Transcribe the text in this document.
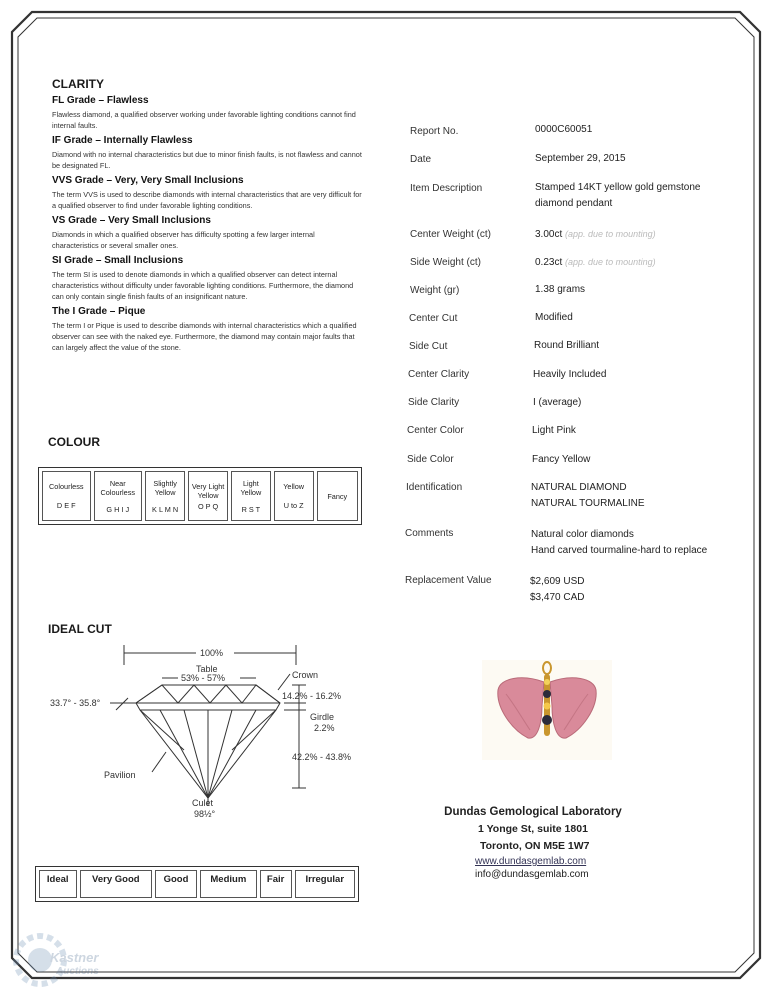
CLARITY
FL Grade – Flawless
Flawless diamond, a qualified observer working under favorable lighting conditions cannot find internal faults.
IF Grade – Internally Flawless
Diamond with no internal characteristics but due to minor finish faults, is not flawless and cannot be designated FL.
VVS Grade – Very, Very Small Inclusions
The term VVS is used to describe diamonds with internal characteristics that are very difficult for a qualified observer to find under favorable lighting conditions.
VS Grade – Very Small Inclusions
Diamonds in which a qualified observer has difficulty spotting a few larger internal characteristics or several smaller ones.
SI Grade – Small Inclusions
The term SI is used to denote diamonds in which a qualified observer can detect internal characteristics without difficulty under favorable lighting conditions. Furthermore, the diamond can only contain single finish faults of an insignificant nature.
The I Grade – Pique
The term I or Pique is used to describe diamonds with internal characteristics which a qualified observer can see with the naked eye. Furthermore, the diamond may contain major faults that can largely affect the value of the stone.
COLOUR
Colourless
D E F

Near Colourless
G H I J

Slightly Yellow
K L M N

Very Light Yellow
O P Q

Light Yellow
R S T

Yellow
U to Z

Fancy
IDEAL CUT
100%
Table
53% - 57%	Crown
33.7° - 35.8°
14.2% - 16.2%
Girdle
2.2%
42.2% - 43.8%
Pavilion
Culet
98½°
Ideal	Very Good	Good	Medium	Fair	Irregular
Report No.	0000C60051
Date	September 29, 2015
Item Description	Stamped 14KT yellow gold gemstone diamond pendant
Center Weight (ct)	3.00ct (app. due to mounting)
Side Weight (ct)	0.23ct (app. due to mounting)
Weight (gr)	1.38 grams
Center Cut	Modified
Side Cut	Round Brilliant
Center Clarity	Heavily Included
Side Clarity	I (average)
Center Color	Light Pink
Side Color	Fancy Yellow
Identification	NATURAL DIAMOND
NATURAL TOURMALINE
Comments	Natural color diamonds
Hand carved tourmaline-hard to replace
Replacement Value	$2,609 USD
$3,470 CAD
Dundas Gemological Laboratory
1 Yonge St, suite 1801
Toronto, ON M5E 1W7
www.dundasgemlab.com
info@dundasgemlab.com
Kastner
Auctions
